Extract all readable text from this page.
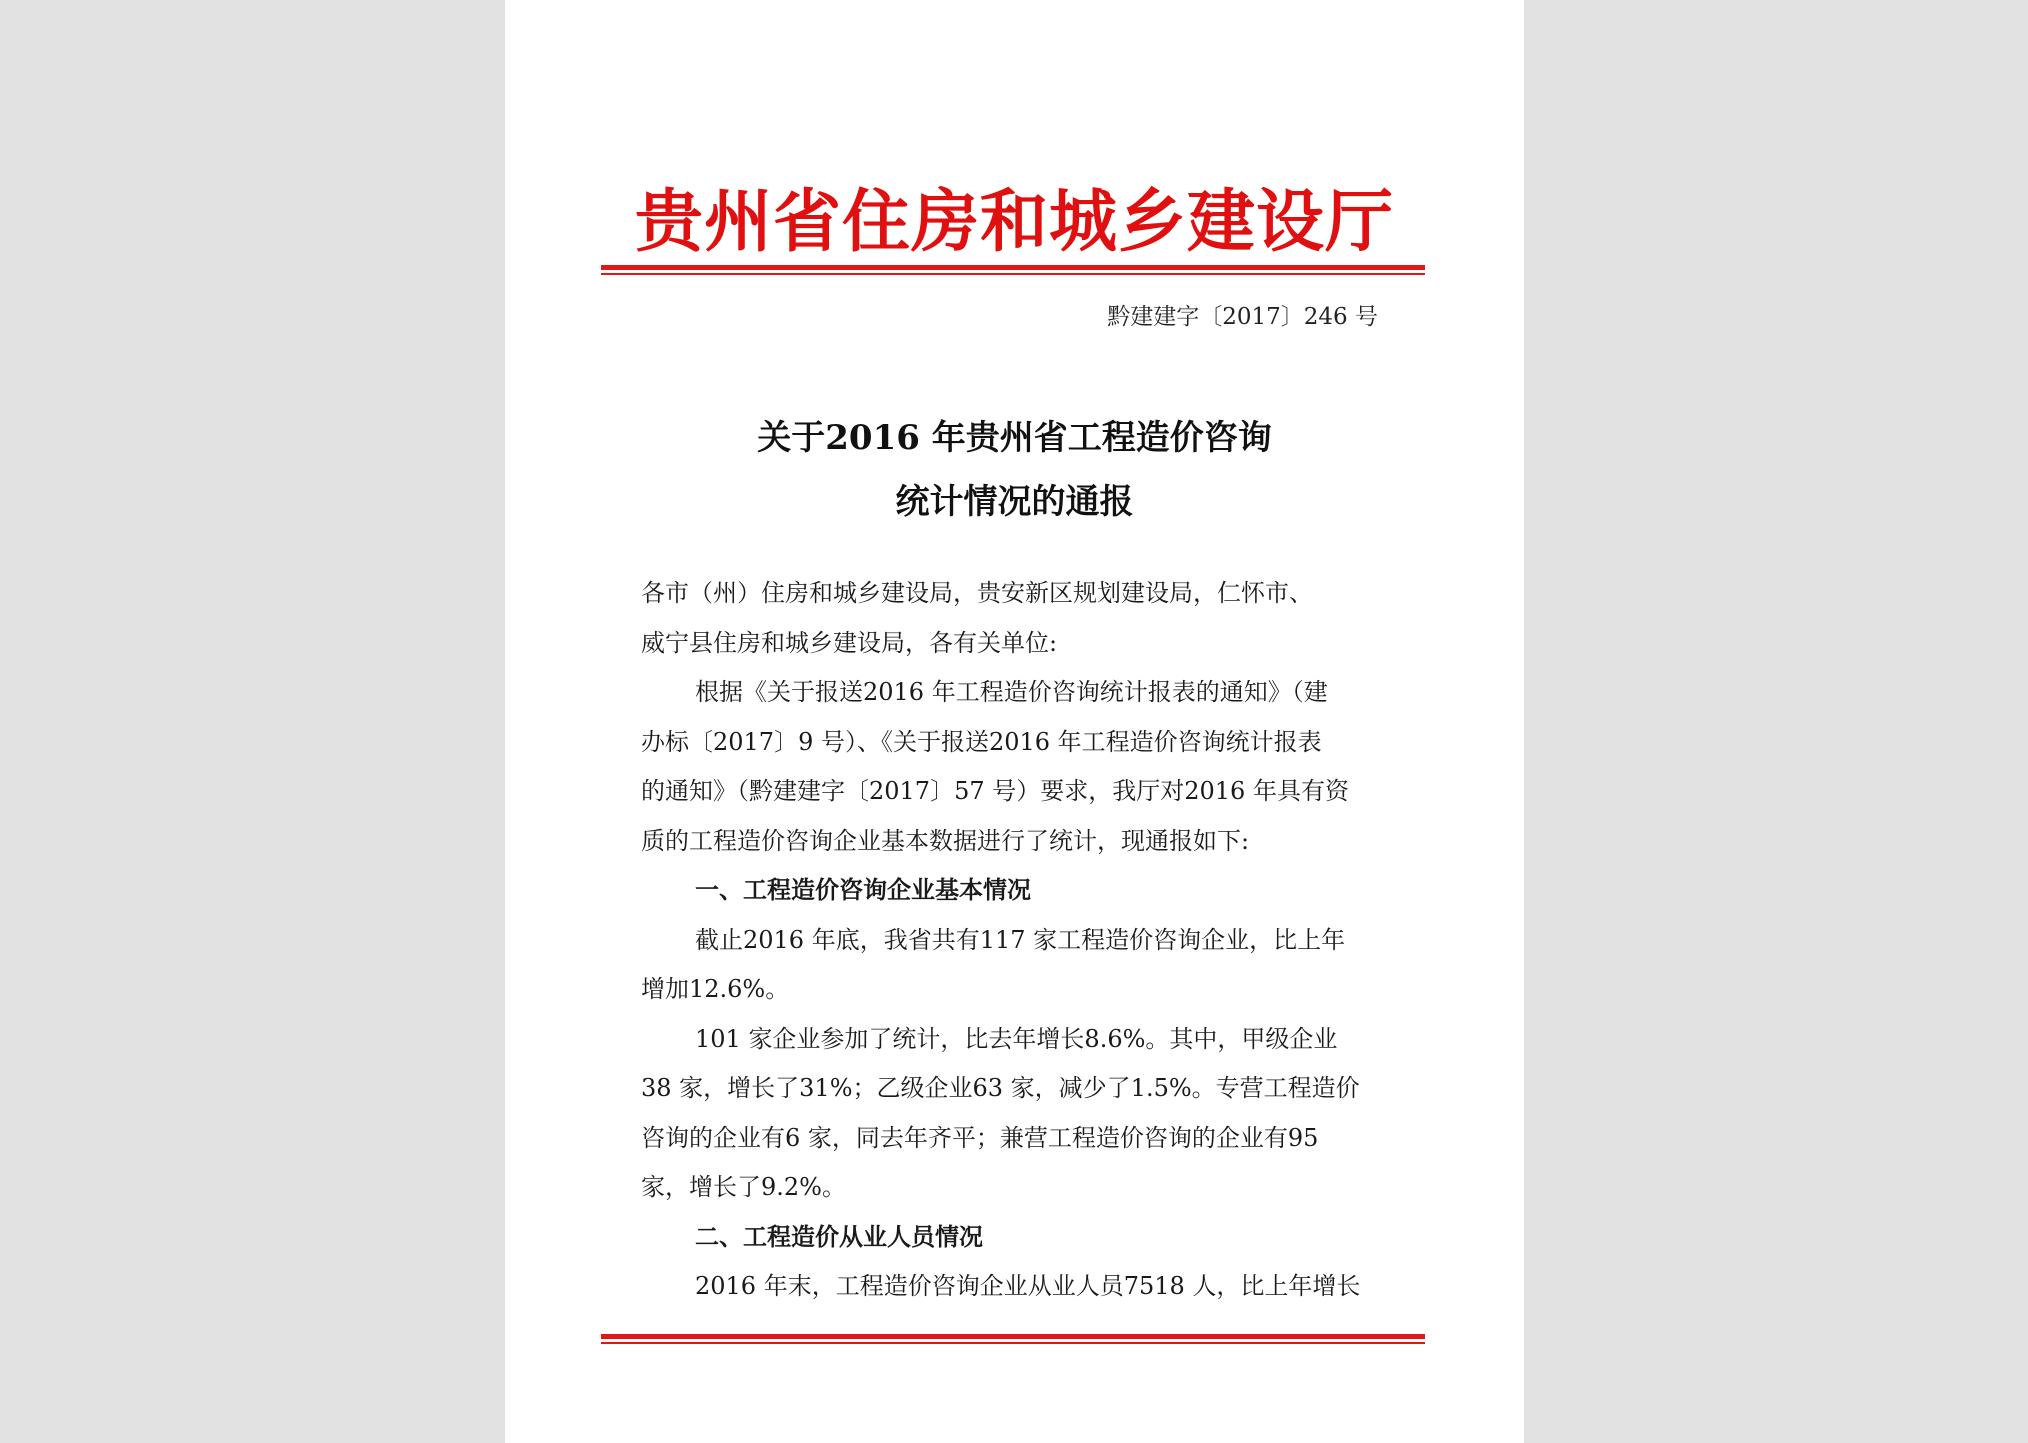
贵州省住房和城乡建设厅
黔建建字〔2017〕246 号
关于2016 年贵州省工程造价咨询
统计情况的通报
各市（州）住房和城乡建设局，贵安新区规划建设局，仁怀市、
威宁县住房和城乡建设局，各有关单位:
根据《关于报送2016 年工程造价咨询统计报表的通知》（建
办标〔2017〕9 号）、《关于报送2016 年工程造价咨询统计报表
的通知》（黔建建字〔2017〕57 号）要求，我厅对2016 年具有资
质的工程造价咨询企业基本数据进行了统计，现通报如下:
一、工程造价咨询企业基本情况
截止2016 年底，我省共有117 家工程造价咨询企业，比上年
增加12.6%。
101 家企业参加了统计，比去年增长8.6%。其中，甲级企业
38 家，增长了31%；乙级企业63 家，减少了1.5%。专营工程造价
咨询的企业有6 家，同去年齐平；兼营工程造价咨询的企业有95
家，增长了9.2%。
二、工程造价从业人员情况
2016 年末，工程造价咨询企业从业人员7518 人，比上年增长
